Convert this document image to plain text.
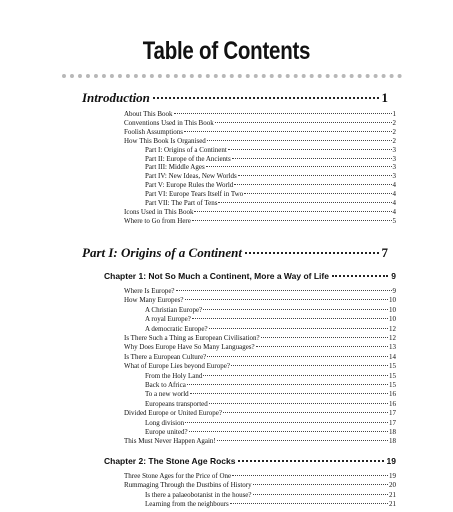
Table of Contents
Introduction	1
About This Book	1
Conventions Used in This Book	2
Foolish Assumptions	2
How This Book Is Organised	2
Part I: Origins of a Continent	3
Part II: Europe of the Ancients	3
Part III: Middle Ages	3
Part IV: New Ideas, New Worlds	3
Part V: Europe Rules the World	4
Part VI: Europe Tears Itself in Two	4
Part VII: The Part of Tens	4
Icons Used in This Book	4
Where to Go from Here	5
Part I: Origins of a Continent	7
Chapter 1: Not So Much a Continent, More a Way of Life	9
Where Is Europe?	9
How Many Europes?	10
A Christian Europe?	10
A royal Europe?	10
A democratic Europe?	12
Is There Such a Thing as European Civilisation?	12
Why Does Europe Have So Many Languages?	13
Is There a European Culture?	14
What of Europe Lies beyond Europe?	15
From the Holy Land	15
Back to Africa	15
To a new world	16
Europeans transported	16
Divided Europe or United Europe?	17
Long division	17
Europe united?	18
This Must Never Happen Again!	18
Chapter 2: The Stone Age Rocks	19
Three Stone Ages for the Price of One	19
Rummaging Through the Dustbins of History	20
Is there a palaeobotanist in the house?	21
Learning from the neighbours	21
